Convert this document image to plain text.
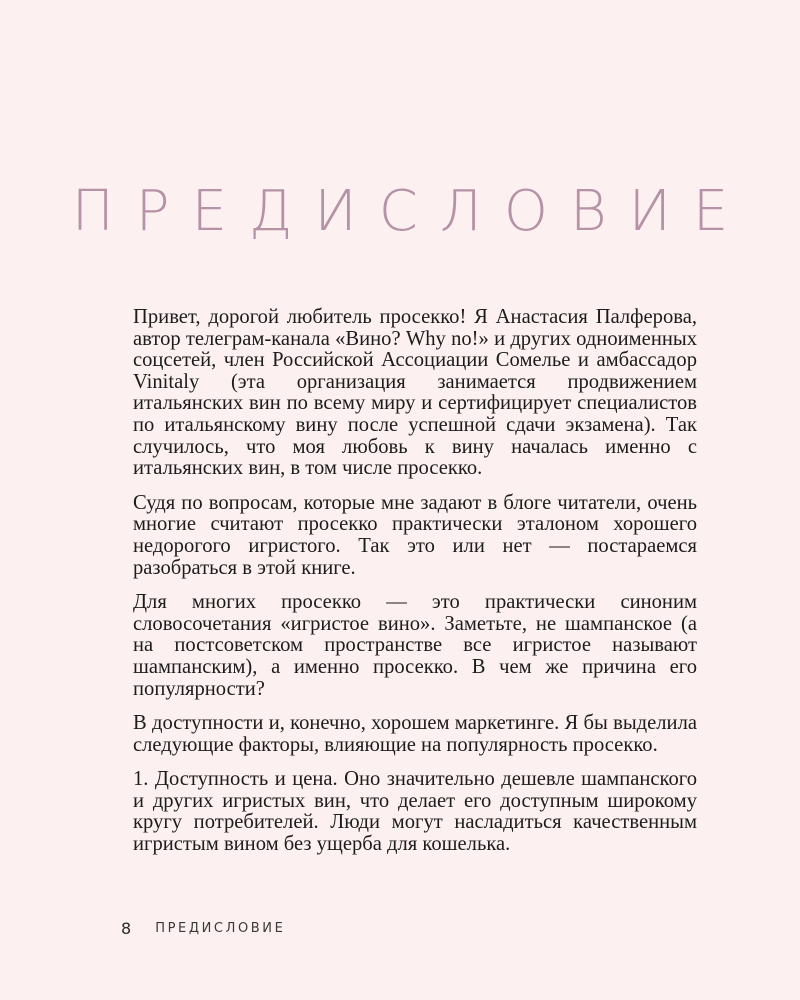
ПРЕДИСЛОВИЕ

Привет, дорогой любитель просекко! Я Анастасия Палферова, автор телеграм-канала «Вино? Why no!» и других одноименных соцсетей, член Российской Ассоциации Сомелье и амбассадор Vinitaly (эта организация занимается продвижением итальянских вин по всему миру и сертифицирует специалистов по итальянскому вину после успешной сдачи экзамена). Так случилось, что моя любовь к вину началась именно с итальянских вин, в том числе просекко.

Судя по вопросам, которые мне задают в блоге читатели, очень многие считают просекко практически эталоном хорошего недорогого игристого. Так это или нет — постараемся разобраться в этой книге.

Для многих просекко — это практически синоним словосочетания «игристое вино». Заметьте, не шампанское (а на постсоветском пространстве все игристое называют шампанским), а именно просекко. В чем же причина его популярности?

В доступности и, конечно, хорошем маркетинге. Я бы выделила следующие факторы, влияющие на популярность просекко.

1. Доступность и цена. Оно значительно дешевле шампанского и других игристых вин, что делает его доступным широкому кругу потребителей. Люди могут насладиться качественным игристым вином без ущерба для кошелька.

8 ПРЕДИСЛОВИЕ
